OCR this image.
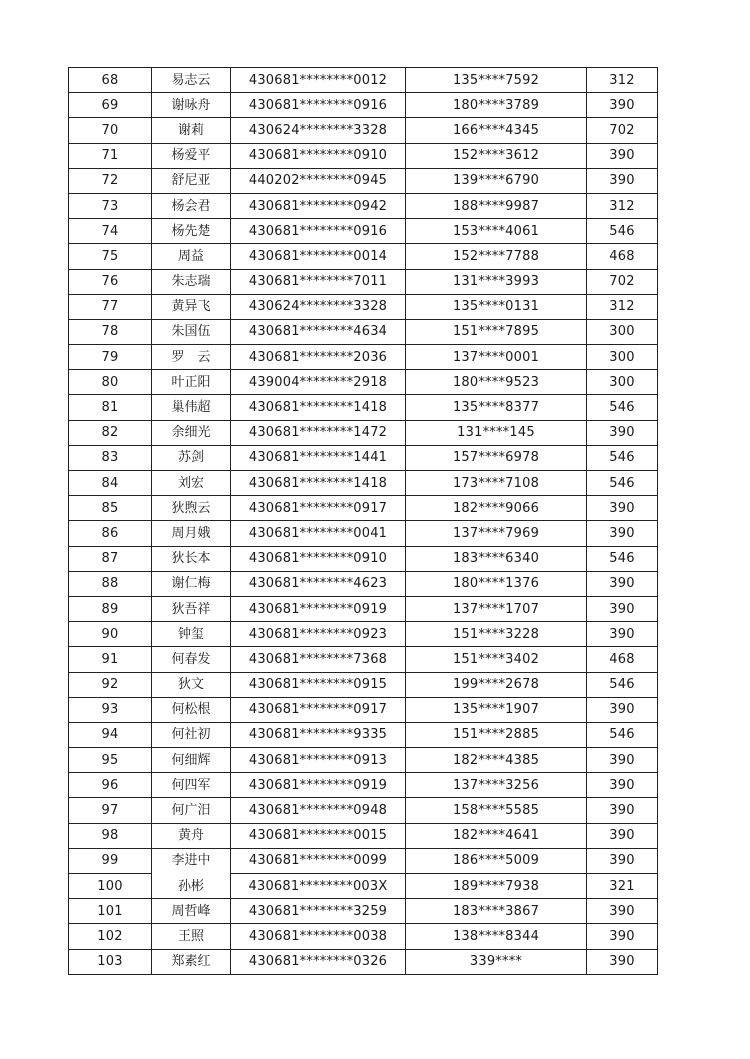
68	易志云	430681********0012	135****7592	312
69	谢咏舟	430681********0916	180****3789	390
70	谢莉	430624********3328	166****4345	702
71	杨爱平	430681********0910	152****3612	390
72	舒尼亚	440202********0945	139****6790	390
73	杨会君	430681********0942	188****9987	312
74	杨先楚	430681********0916	153****4061	546
75	周益	430681********0014	152****7788	468
76	朱志瑞	430681********7011	131****3993	702
77	黄异飞	430624********3328	135****0131	312
78	朱国伍	430681********4634	151****7895	300
79	罗　云	430681********2036	137****0001	300
80	叶正阳	439004********2918	180****9523	300
81	巢伟超	430681********1418	135****8377	546
82	余细光	430681********1472	131****145	390
83	苏剑	430681********1441	157****6978	546
84	刘宏	430681********1418	173****7108	546
85	狄煦云	430681********0917	182****9066	390
86	周月娥	430681********0041	137****7969	390
87	狄长本	430681********0910	183****6340	546
88	谢仁梅	430681********4623	180****1376	390
89	狄吾祥	430681********0919	137****1707	390
90	钟玺	430681********0923	151****3228	390
91	何春发	430681********7368	151****3402	468
92	狄文	430681********0915	199****2678	546
93	何松根	430681********0917	135****1907	390
94	何社初	430681********9335	151****2885	546
95	何细辉	430681********0913	182****4385	390
96	何四军	430681********0919	137****3256	390
97	何广汨	430681********0948	158****5585	390
98	黄舟	430681********0015	182****4641	390
99	李进中	430681********0099	186****5009	390
100	孙彬	430681********003X	189****7938	321
101	周哲峰	430681********3259	183****3867	390
102	王照	430681********0038	138****8344	390
103	郑素红	430681********0326	339****	390
